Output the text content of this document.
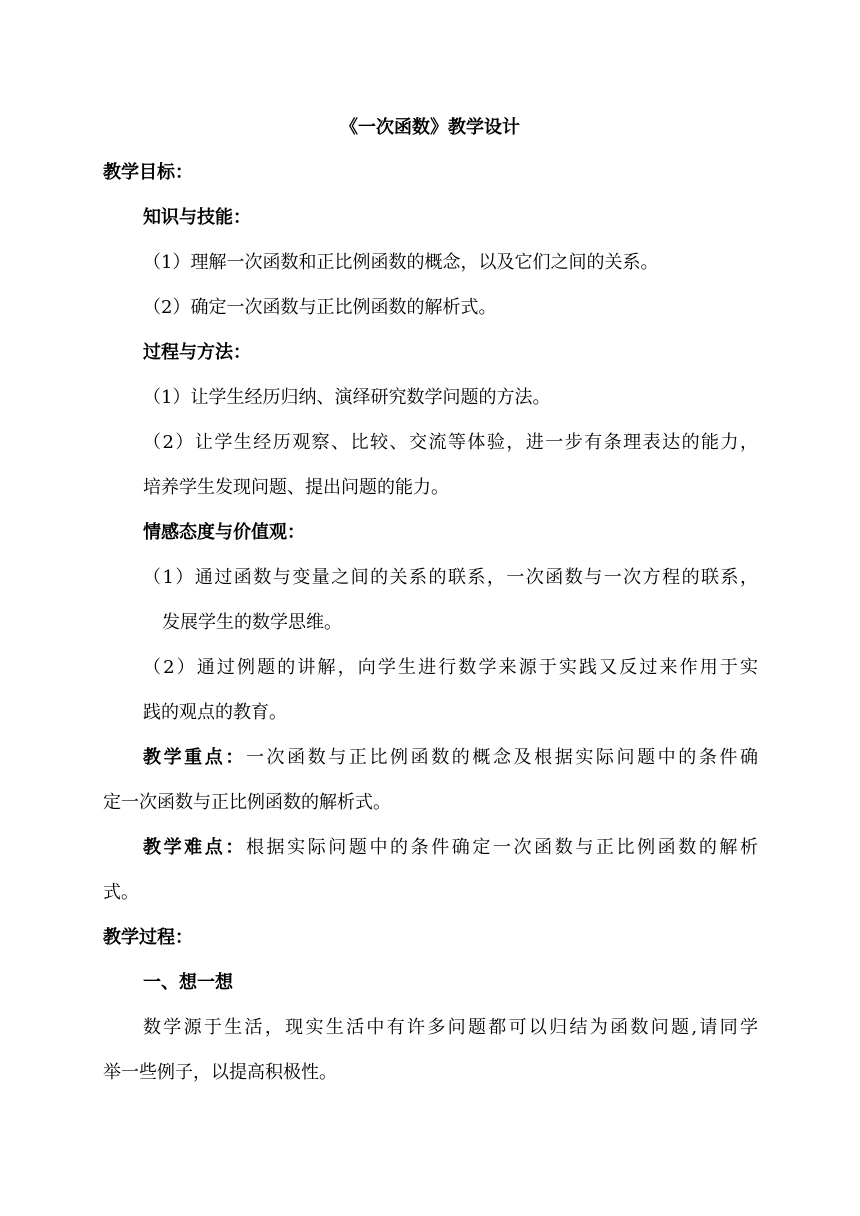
《一次函数》教学设计

教学目标：

知识与技能：

（1）理解一次函数和正比例函数的概念，以及它们之间的关系。

（2）确定一次函数与正比例函数的解析式。

过程与方法：

（1）让学生经历归纳、演绎研究数学问题的方法。

（2）让学生经历观察、比较、交流等体验，进一步有条理表达的能力，

培养学生发现问题、提出问题的能力。

情感态度与价值观：

（1）通过函数与变量之间的关系的联系，一次函数与一次方程的联系，

发展学生的数学思维。

（2）通过例题的讲解，向学生进行数学来源于实践又反过来作用于实

践的观点的教育。

教学重点：一次函数与正比例函数的概念及根据实际问题中的条件确

定一次函数与正比例函数的解析式。

教学难点：根据实际问题中的条件确定一次函数与正比例函数的解析

式。

教学过程：

一、想一想

数学源于生活，现实生活中有许多问题都可以归结为函数问题,请同学

举一些例子，以提高积极性。
